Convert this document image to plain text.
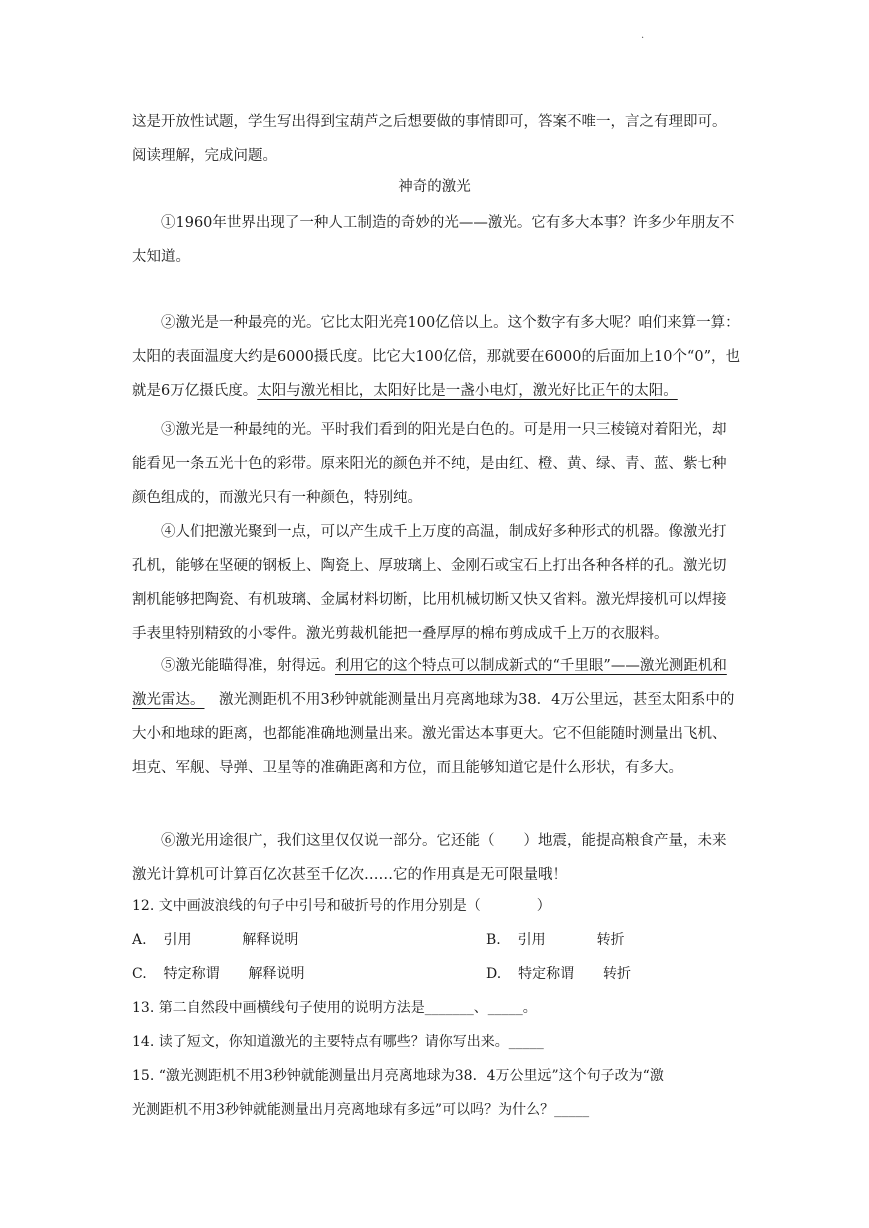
.

这是开放性试题，学生写出得到宝葫芦之后想要做的事情即可，答案不唯一，言之有理即可。

阅读理解，完成问题。

神奇的激光

①1960年世界出现了一种人工制造的奇妙的光——激光。它有多大本事？许多少年朋友不太知道。

②激光是一种最亮的光。它比太阳光亮100亿倍以上。这个数字有多大呢？咱们来算一算：太阳的表面温度大约是6000摄氏度。比它大100亿倍，那就要在6000的后面加上10个“0”，也就是6万亿摄氏度。太阳与激光相比，太阳好比是一盏小电灯，激光好比正午的太阳。

③激光是一种最纯的光。平时我们看到的阳光是白色的。可是用一只三棱镜对着阳光，却能看见一条五光十色的彩带。原来阳光的颜色并不纯，是由红、橙、黄、绿、青、蓝、紫七种颜色组成的，而激光只有一种颜色，特别纯。

④人们把激光聚到一点，可以产生成千上万度的高温，制成好多种形式的机器。像激光打孔机，能够在坚硬的钢板上、陶瓷上、厚玻璃上、金刚石或宝石上打出各种各样的孔。激光切割机能够把陶瓷、有机玻璃、金属材料切断，比用机械切断又快又省料。激光焊接机可以焊接手表里特别精致的小零件。激光剪裁机能把一叠厚厚的棉布剪成成千上万的衣服料。

⑤激光能瞄得准，射得远。利用它的这个特点可以制成新式的“千里眼”——激光测距机和激光雷达。  激光测距机不用3秒钟就能测量出月亮离地球为38．4万公里远，甚至太阳系中的大小和地球的距离，也都能准确地测量出来。激光雷达本事更大。它不但能随时测量出飞机、坦克、军舰、导弹、卫星等的准确距离和方位，而且能够知道它是什么形状，有多大。

⑥激光用途很广，我们这里仅仅说一部分。它还能（　　）地震，能提高粮食产量，未来激光计算机可计算百亿次甚至千亿次……它的作用真是无可限量哦！

12. 文中画波浪线的句子中引号和破折号的作用分别是（　　　　）

A. 引用	解释说明	B. 引用	转折
C. 特定称谓 解释说明	D. 特定称谓 转折

13. 第二自然段中画横线句子使用的说明方法是_______、_____。

14. 读了短文，你知道激光的主要特点有哪些？请你写出来。_____

15. “激光测距机不用3秒钟就能测量出月亮离地球为38．4万公里远”这个句子改为“激

光测距机不用3秒钟就能测量出月亮离地球有多远”可以吗？为什么？_____
